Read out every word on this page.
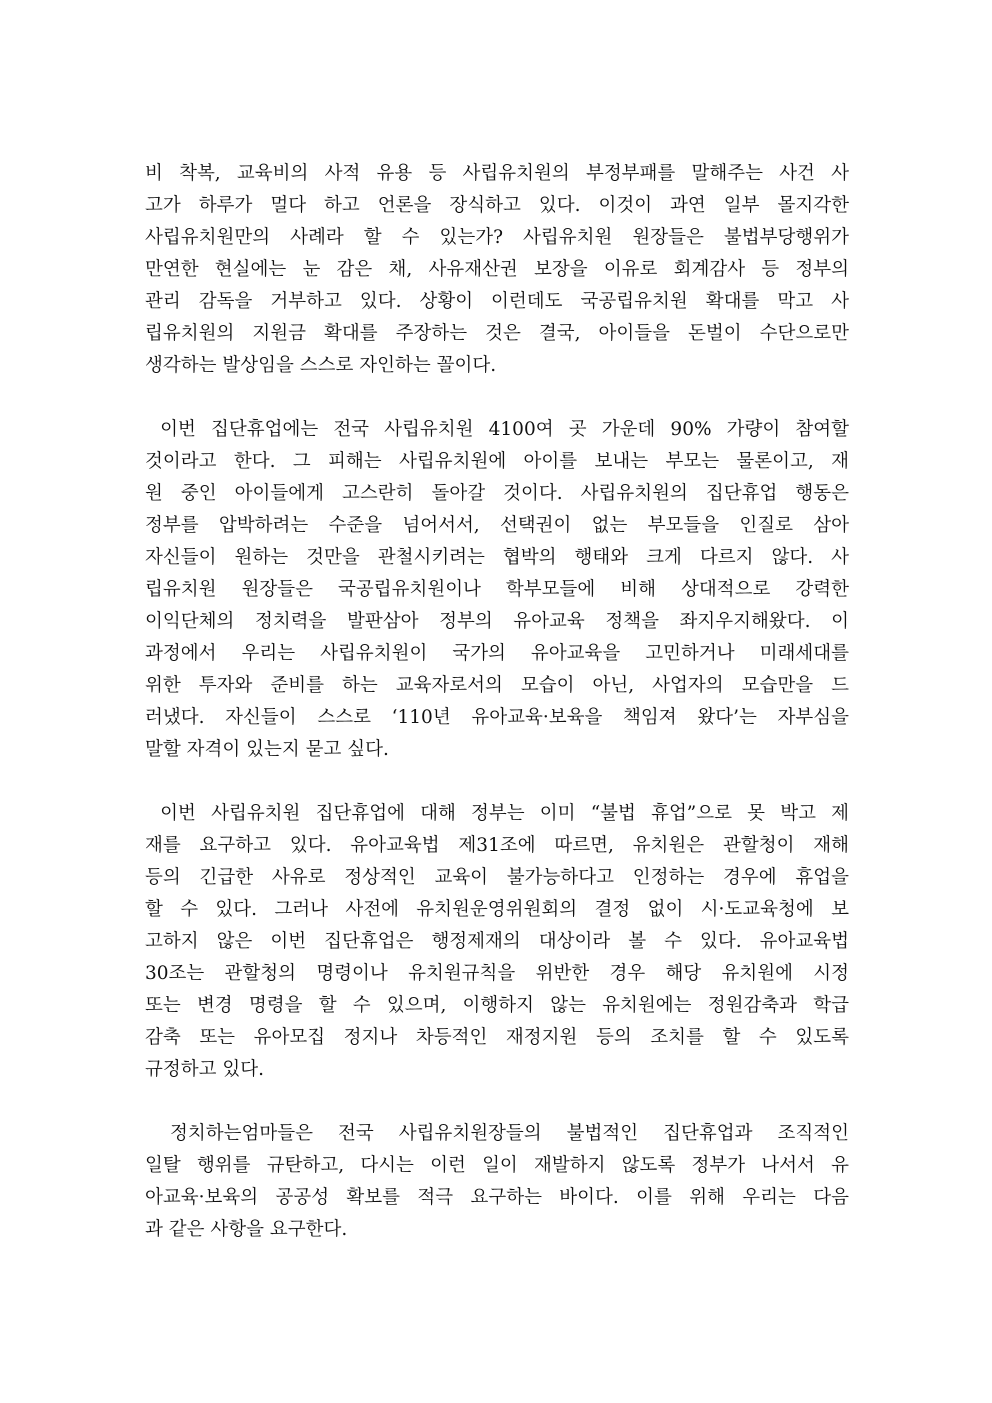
비 착복, 교육비의 사적 유용 등 사립유치원의 부정부패를 말해주는 사건 사
고가 하루가 멀다 하고 언론을 장식하고 있다. 이것이 과연 일부 몰지각한
사립유치원만의 사례라 할 수 있는가? 사립유치원 원장들은 불법부당행위가
만연한 현실에는 눈 감은 채, 사유재산권 보장을 이유로 회계감사 등 정부의
관리 감독을 거부하고 있다. 상황이 이런데도 국공립유치원 확대를 막고 사
립유치원의 지원금 확대를 주장하는 것은 결국, 아이들을 돈벌이 수단으로만
생각하는 발상임을 스스로 자인하는 꼴이다.
이번 집단휴업에는 전국 사립유치원 4100여 곳 가운데 90% 가량이 참여할
것이라고 한다. 그 피해는 사립유치원에 아이를 보내는 부모는 물론이고, 재
원 중인 아이들에게 고스란히 돌아갈 것이다. 사립유치원의 집단휴업 행동은
정부를 압박하려는 수준을 넘어서서, 선택권이 없는 부모들을 인질로 삼아
자신들이 원하는 것만을 관철시키려는 협박의 행태와 크게 다르지 않다. 사
립유치원 원장들은 국공립유치원이나 학부모들에 비해 상대적으로 강력한
이익단체의 정치력을 발판삼아 정부의 유아교육 정책을 좌지우지해왔다. 이
과정에서 우리는 사립유치원이 국가의 유아교육을 고민하거나 미래세대를
위한 투자와 준비를 하는 교육자로서의 모습이 아닌, 사업자의 모습만을 드
러냈다. 자신들이 스스로 ‘110년 유아교육·보육을 책임져 왔다’는 자부심을
말할 자격이 있는지 묻고 싶다.
이번 사립유치원 집단휴업에 대해 정부는 이미 “불법 휴업”으로 못 박고 제
재를 요구하고 있다. 유아교육법 제31조에 따르면, 유치원은 관할청이 재해
등의 긴급한 사유로 정상적인 교육이 불가능하다고 인정하는 경우에 휴업을
할 수 있다. 그러나 사전에 유치원운영위원회의 결정 없이 시·도교육청에 보
고하지 않은 이번 집단휴업은 행정제재의 대상이라 볼 수 있다. 유아교육법
30조는 관할청의 명령이나 유치원규칙을 위반한 경우 해당 유치원에 시정
또는 변경 명령을 할 수 있으며, 이행하지 않는 유치원에는 정원감축과 학급
감축 또는 유아모집 정지나 차등적인 재정지원 등의 조치를 할 수 있도록
규정하고 있다.
정치하는엄마들은 전국 사립유치원장들의 불법적인 집단휴업과 조직적인
일탈 행위를 규탄하고, 다시는 이런 일이 재발하지 않도록 정부가 나서서 유
아교육·보육의 공공성 확보를 적극 요구하는 바이다. 이를 위해 우리는 다음
과 같은 사항을 요구한다.
